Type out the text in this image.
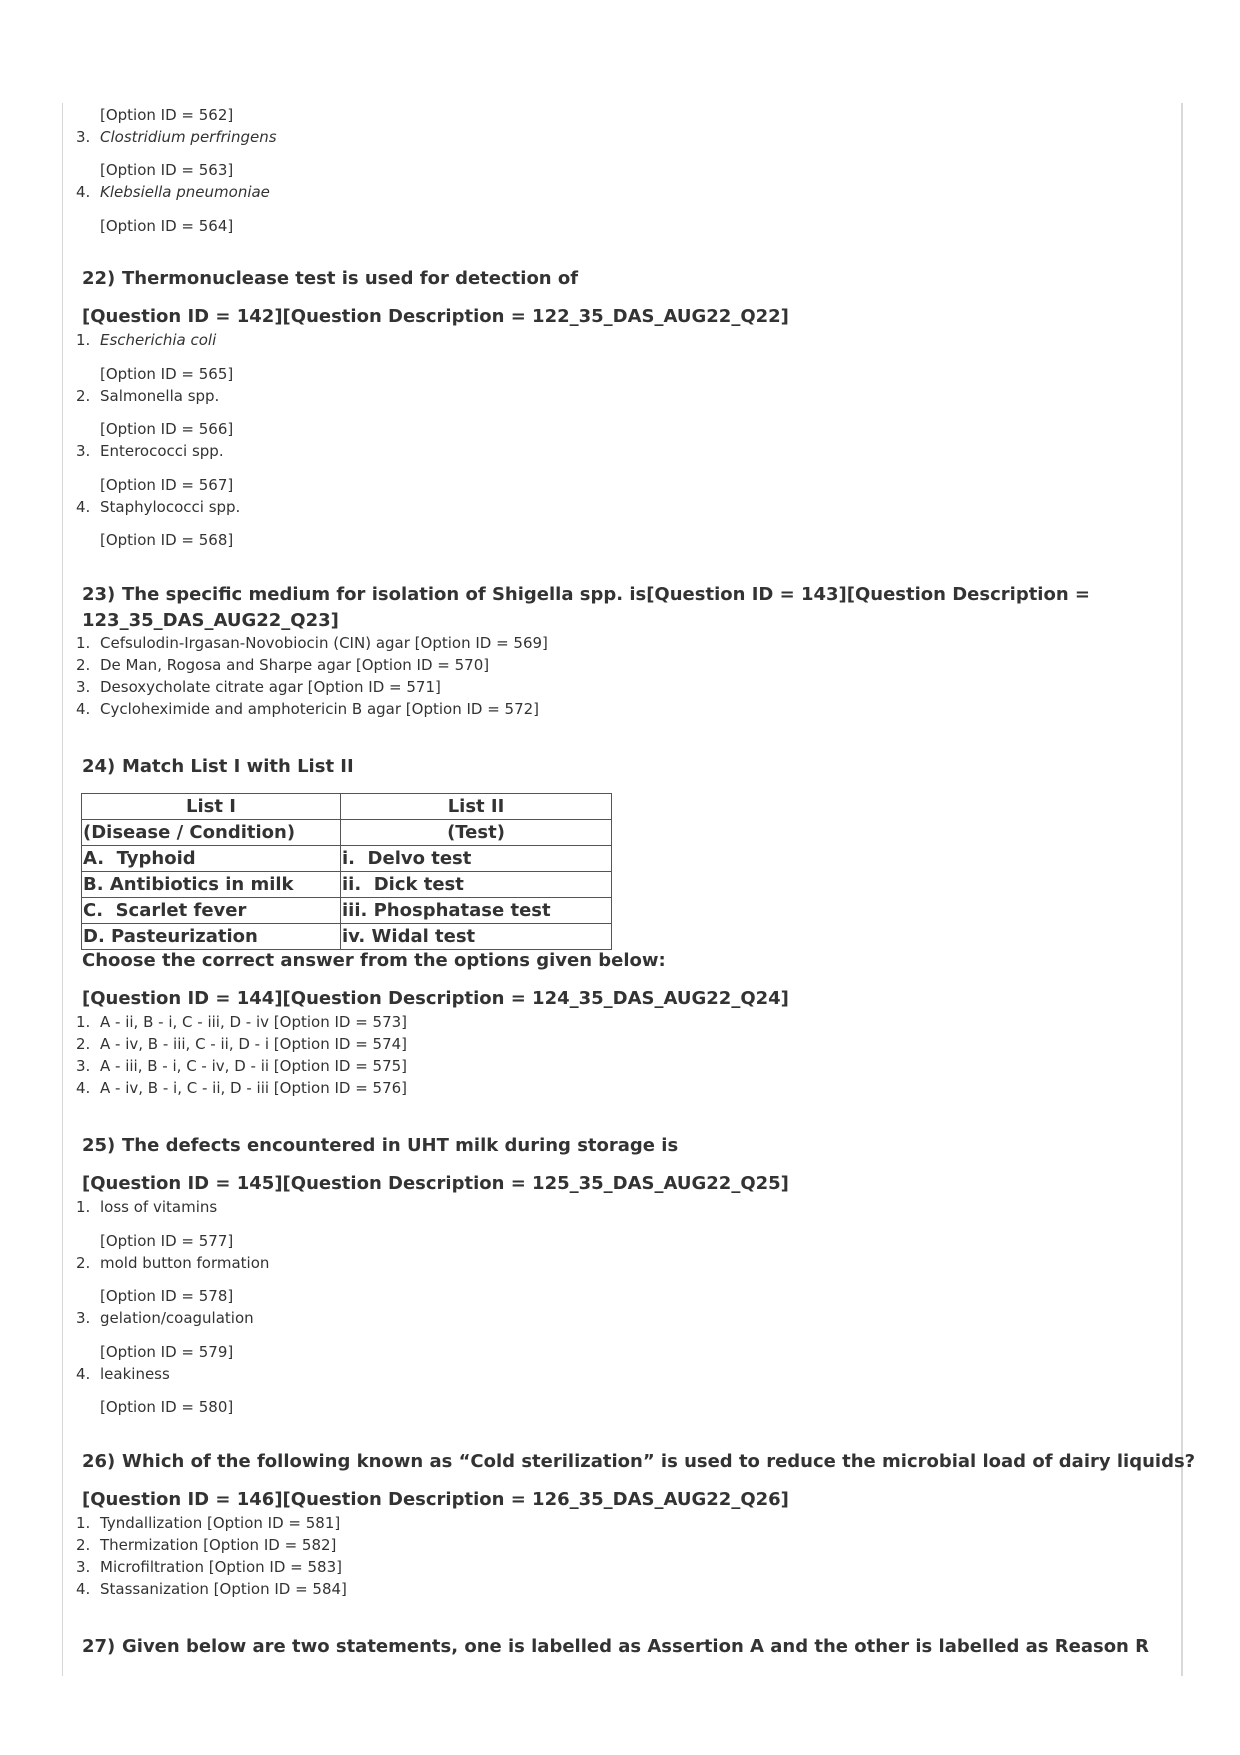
[Option ID = 562]
3. Clostridium perfringens
[Option ID = 563]
4. Klebsiella pneumoniae
[Option ID = 564]
22) Thermonuclease test is used for detection of
[Question ID = 142][Question Description = 122_35_DAS_AUG22_Q22]
1. Escherichia coli
[Option ID = 565]
2. Salmonella spp.
[Option ID = 566]
3. Enterococci spp.
[Option ID = 567]
4. Staphylococci spp.
[Option ID = 568]
23) The specific medium for isolation of Shigella spp. is[Question ID = 143][Question Description =
123_35_DAS_AUG22_Q23]
1. Cefsulodin-Irgasan-Novobiocin (CIN) agar [Option ID = 569]
2. De Man, Rogosa and Sharpe agar [Option ID = 570]
3. Desoxycholate citrate agar [Option ID = 571]
4. Cycloheximide and amphotericin B agar [Option ID = 572]
24) Match List I with List II
List I	List II
(Disease / Condition)	(Test)
A.  Typhoid	i.  Delvo test
B. Antibiotics in milk	ii.  Dick test
C.  Scarlet fever	iii. Phosphatase test
D. Pasteurization	iv. Widal test
Choose the correct answer from the options given below:
[Question ID = 144][Question Description = 124_35_DAS_AUG22_Q24]
1. A - ii, B - i, C - iii, D - iv [Option ID = 573]
2. A - iv, B - iii, C - ii, D - i [Option ID = 574]
3. A - iii, B - i, C - iv, D - ii [Option ID = 575]
4. A - iv, B - i, C - ii, D - iii [Option ID = 576]
25) The defects encountered in UHT milk during storage is
[Question ID = 145][Question Description = 125_35_DAS_AUG22_Q25]
1. loss of vitamins
[Option ID = 577]
2. mold button formation
[Option ID = 578]
3. gelation/coagulation
[Option ID = 579]
4. leakiness
[Option ID = 580]
26) Which of the following known as “Cold sterilization” is used to reduce the microbial load of dairy liquids?
[Question ID = 146][Question Description = 126_35_DAS_AUG22_Q26]
1. Tyndallization [Option ID = 581]
2. Thermization [Option ID = 582]
3. Microfiltration [Option ID = 583]
4. Stassanization [Option ID = 584]
27) Given below are two statements, one is labelled as Assertion A and the other is labelled as Reason R
